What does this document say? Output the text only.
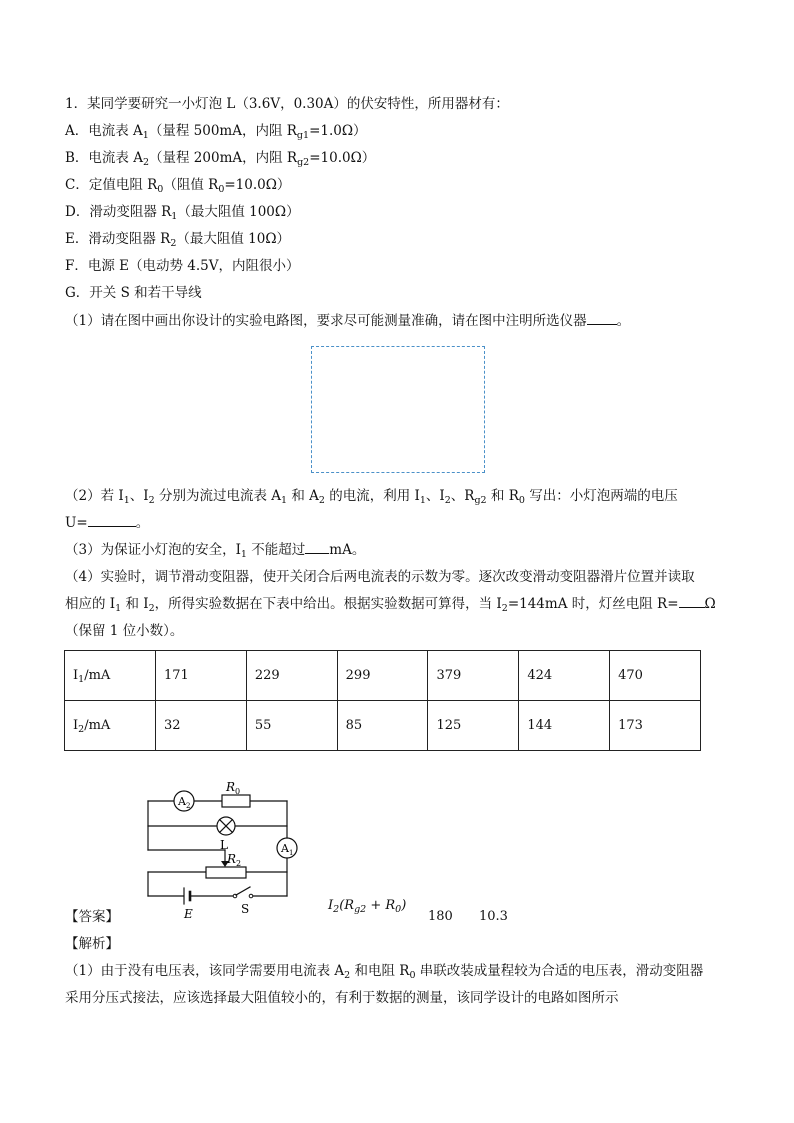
1．某同学要研究一小灯泡 L（3.6V，0.30A）的伏安特性，所用器材有：
A．电流表 $A_1$（量程 500mA，内阻 $R_{g1}=1.0\Omega$）
B．电流表 $A_2$（量程 200mA，内阻 $R_{g2}=10.0\Omega$）
C．定值电阻 $R_0$（阻值 $R_0=10.0\Omega$）
D．滑动变阻器 $R_1$（最大阻值 100Ω）
E．滑动变阻器 $R_2$（最大阻值 10Ω）
F．电源 E（电动势 4.5V，内阻很小）
G．开关 S 和若干导线
（1）请在图中画出你设计的实验电路图，要求尽可能测量准确，请在图中注明所选仪器 。
（2）若 $I_1$、$I_2$ 分别为流过电流表 $A_1$ 和 $A_2$ 的电流，利用 $I_1$、$I_2$、$R_{g2}$ 和 $R_0$ 写出：小灯泡两端的电压
U=	。
（3）为保证小灯泡的安全，$I_1$ 不能超过 mA。
（4）实验时，调节滑动变阻器，使开关闭合后两电流表的示数为零。逐次改变滑动变阻器滑片位置并读取
相应的 $I_1$ 和 $I_2$，所得实验数据在下表中给出。根据实验数据可算得，当 $I_2=144mA$ 时，灯丝电阻 R= Ω
（保留 1 位小数）。
$I_1/mA$	171	229	299	379	424	470
$I_2/mA$	32	55	85	125	144	173
$A_2$
$R_0$
L	$A_1$
$R_2$
E	S
【答案】
$I_2(R_{g2} + R_0)$
180 10.3
【解析】
（1）由于没有电压表，该同学需要用电流表 $A_2$ 和电阻 $R_0$ 串联改装成量程较为合适的电压表，滑动变阻器
采用分压式接法，应该选择最大阻值较小的，有利于数据的测量，该同学设计的电路如图所示
